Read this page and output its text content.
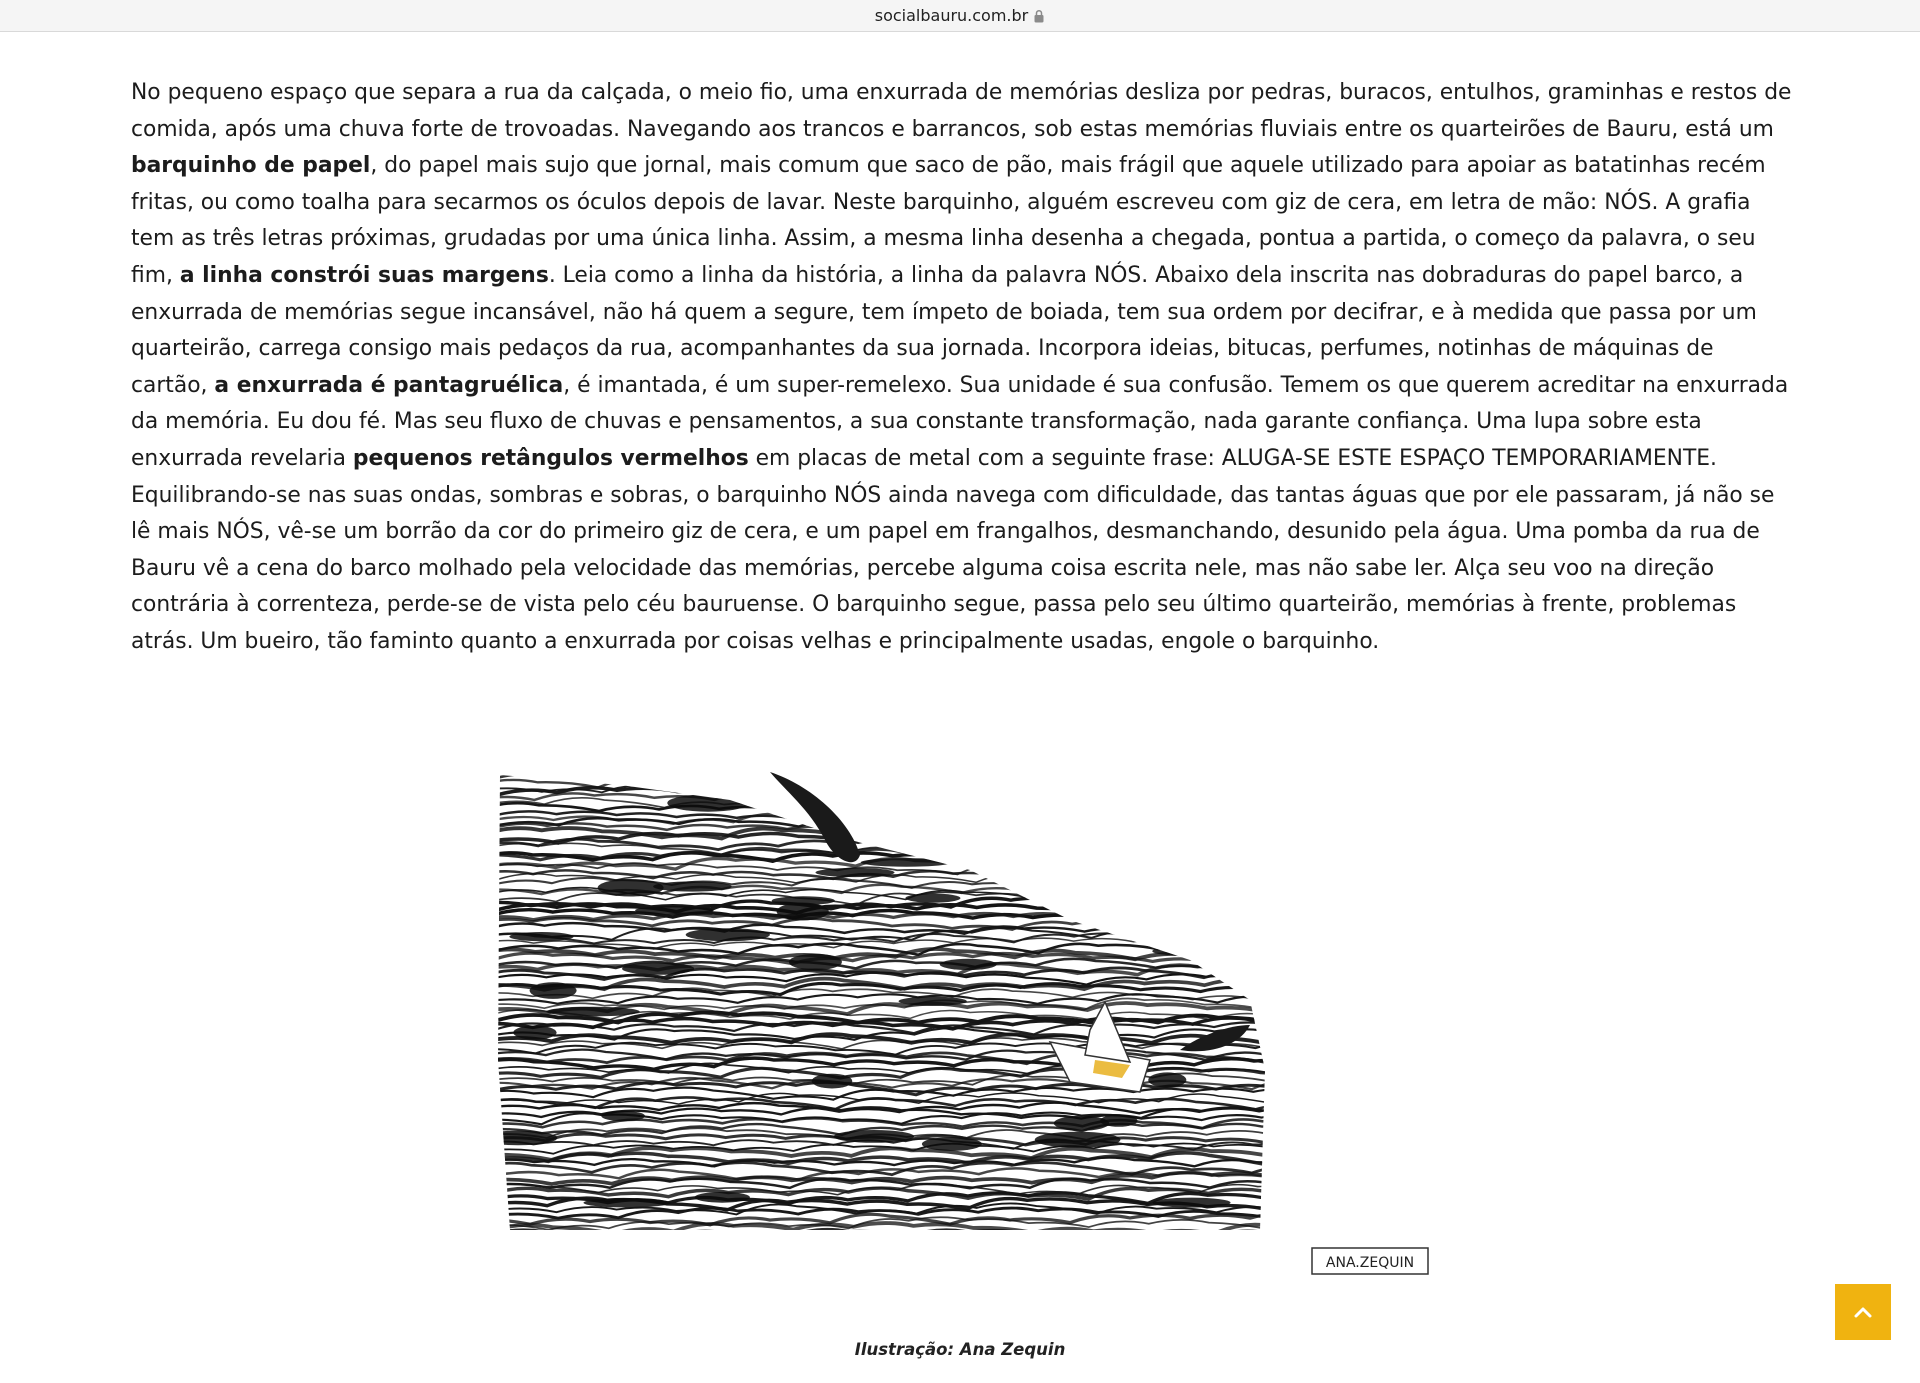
socialbauru.com.br
No pequeno espaço que separa a rua da calçada, o meio fio, uma enxurrada de memórias desliza por pedras, buracos, entulhos, graminhas e restos de comida, após uma chuva forte de trovoadas. Navegando aos trancos e barrancos, sob estas memórias fluviais entre os quarteirões de Bauru, está um barquinho de papel, do papel mais sujo que jornal, mais comum que saco de pão, mais frágil que aquele utilizado para apoiar as batatinhas recém fritas, ou como toalha para secarmos os óculos depois de lavar. Neste barquinho, alguém escreveu com giz de cera, em letra de mão: NÓS. A grafia tem as três letras próximas, grudadas por uma única linha. Assim, a mesma linha desenha a chegada, pontua a partida, o começo da palavra, o seu fim, a linha constrói suas margens. Leia como a linha da história, a linha da palavra NÓS. Abaixo dela inscrita nas dobraduras do papel barco, a enxurrada de memórias segue incansável, não há quem a segure, tem ímpeto de boiada, tem sua ordem por decifrar, e à medida que passa por um quarteirão, carrega consigo mais pedaços da rua, acompanhantes da sua jornada. Incorpora ideias, bitucas, perfumes, notinhas de máquinas de cartão, a enxurrada é pantagruélica, é imantada, é um super-remelexo. Sua unidade é sua confusão. Temem os que querem acreditar na enxurrada da memória. Eu dou fé. Mas seu fluxo de chuvas e pensamentos, a sua constante transformação, nada garante confiança. Uma lupa sobre esta enxurrada revelaria pequenos retângulos vermelhos em placas de metal com a seguinte frase: ALUGA-SE ESTE ESPAÇO TEMPORARIAMENTE. Equilibrando-se nas suas ondas, sombras e sobras, o barquinho NÓS ainda navega com dificuldade, das tantas águas que por ele passaram, já não se lê mais NÓS, vê-se um borrão da cor do primeiro giz de cera, e um papel em frangalhos, desmanchando, desunido pela água. Uma pomba da rua de Bauru vê a cena do barco molhado pela velocidade das memórias, percebe alguma coisa escrita nele, mas não sabe ler. Alça seu voo na direção contrária à correnteza, perde-se de vista pelo céu bauruense. O barquinho segue, passa pelo seu último quarteirão, memórias à frente, problemas atrás. Um bueiro, tão faminto quanto a enxurrada por coisas velhas e principalmente usadas, engole o barquinho.
ANA.ZEQUIN
Ilustração: Ana Zequin
